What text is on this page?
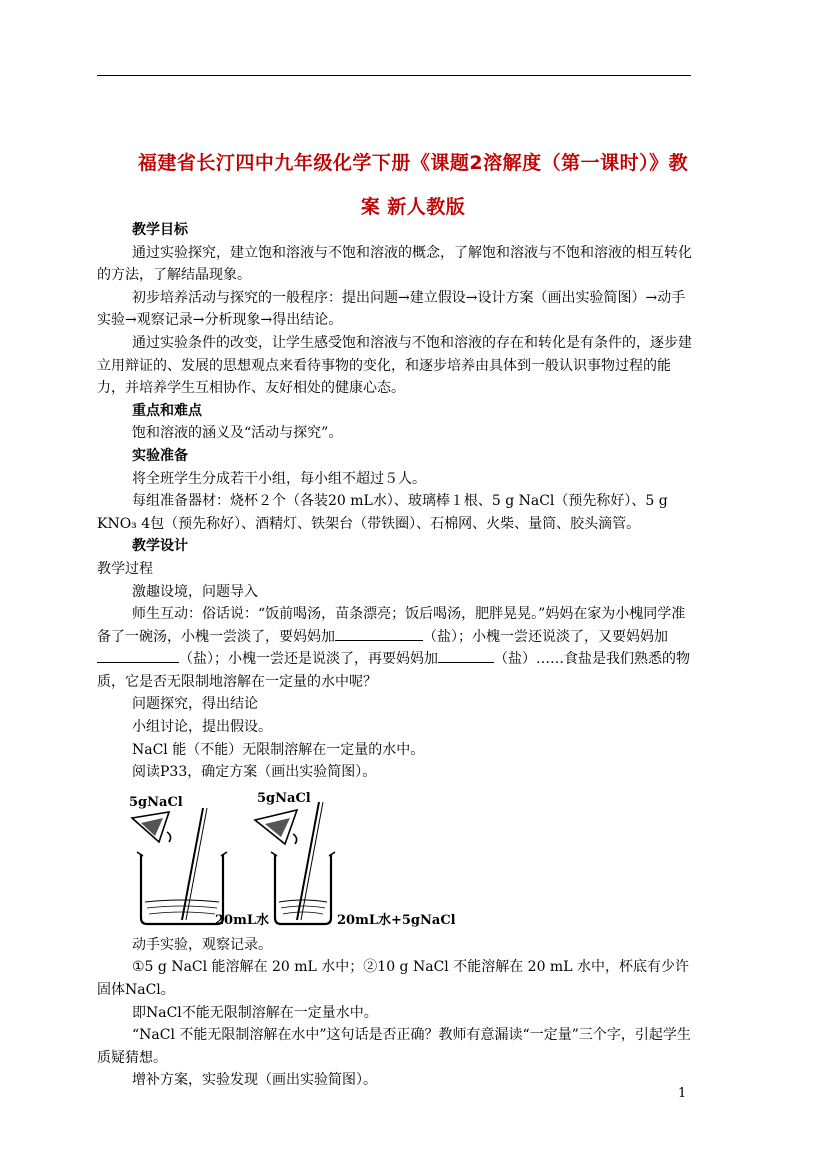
福建省长汀四中九年级化学下册《课题2溶解度（第一课时）》教
案 新人教版

教学目标

通过实验探究，建立饱和溶液与不饱和溶液的概念，了解饱和溶液与不饱和溶液的相互转化的方法，了解结晶现象。

初步培养活动与探究的一般程序：提出问题→建立假设→设计方案（画出实验简图）→动手实验→观察记录→分析现象→得出结论。

通过实验条件的改变，让学生感受饱和溶液与不饱和溶液的存在和转化是有条件的，逐步建立用辩证的、发展的思想观点来看待事物的变化，和逐步培养由具体到一般认识事物过程的能力，并培养学生互相协作、友好相处的健康心态。

重点和难点

饱和溶液的涵义及“活动与探究”。

实验准备

将全班学生分成若干小组，每小组不超过５人。

每组准备器材：烧杯２个（各装20 mL水）、玻璃棒１根、5 g NaCl（预先称好）、5 g KNO₃ 4包（预先称好）、酒精灯、铁架台（带铁圈）、石棉网、火柴、量筒、胶头滴管。

教学设计

教学过程

激趣设境，问题导入

师生互动：俗话说：“饭前喝汤，苗条漂亮；饭后喝汤，肥胖晃晃。”妈妈在家为小槐同学准备了一碗汤，小槐一尝淡了，要妈妈加	（盐）；小槐一尝还说淡了，又要妈妈加（盐）；小槐一尝还是说淡了，再要妈妈加	（盐）……食盐是我们熟悉的物质，它是否无限制地溶解在一定量的水中呢？

问题探究，得出结论

小组讨论，提出假设。

NaCl 能（不能）无限制溶解在一定量的水中。

阅读P33，确定方案（画出实验简图）。

5gNaCl	5gNaCl
20mL水	20mL水+5gNaCl

动手实验，观察记录。

①5 g NaCl 能溶解在 20 mL 水中；②10 g NaCl 不能溶解在 20 mL 水中，杯底有少许固体NaCl。

即NaCl不能无限制溶解在一定量水中。

“NaCl 不能无限制溶解在水中”这句话是否正确？教师有意漏读“一定量”三个字，引起学生质疑猜想。

增补方案，实验发现（画出实验简图）。

1
